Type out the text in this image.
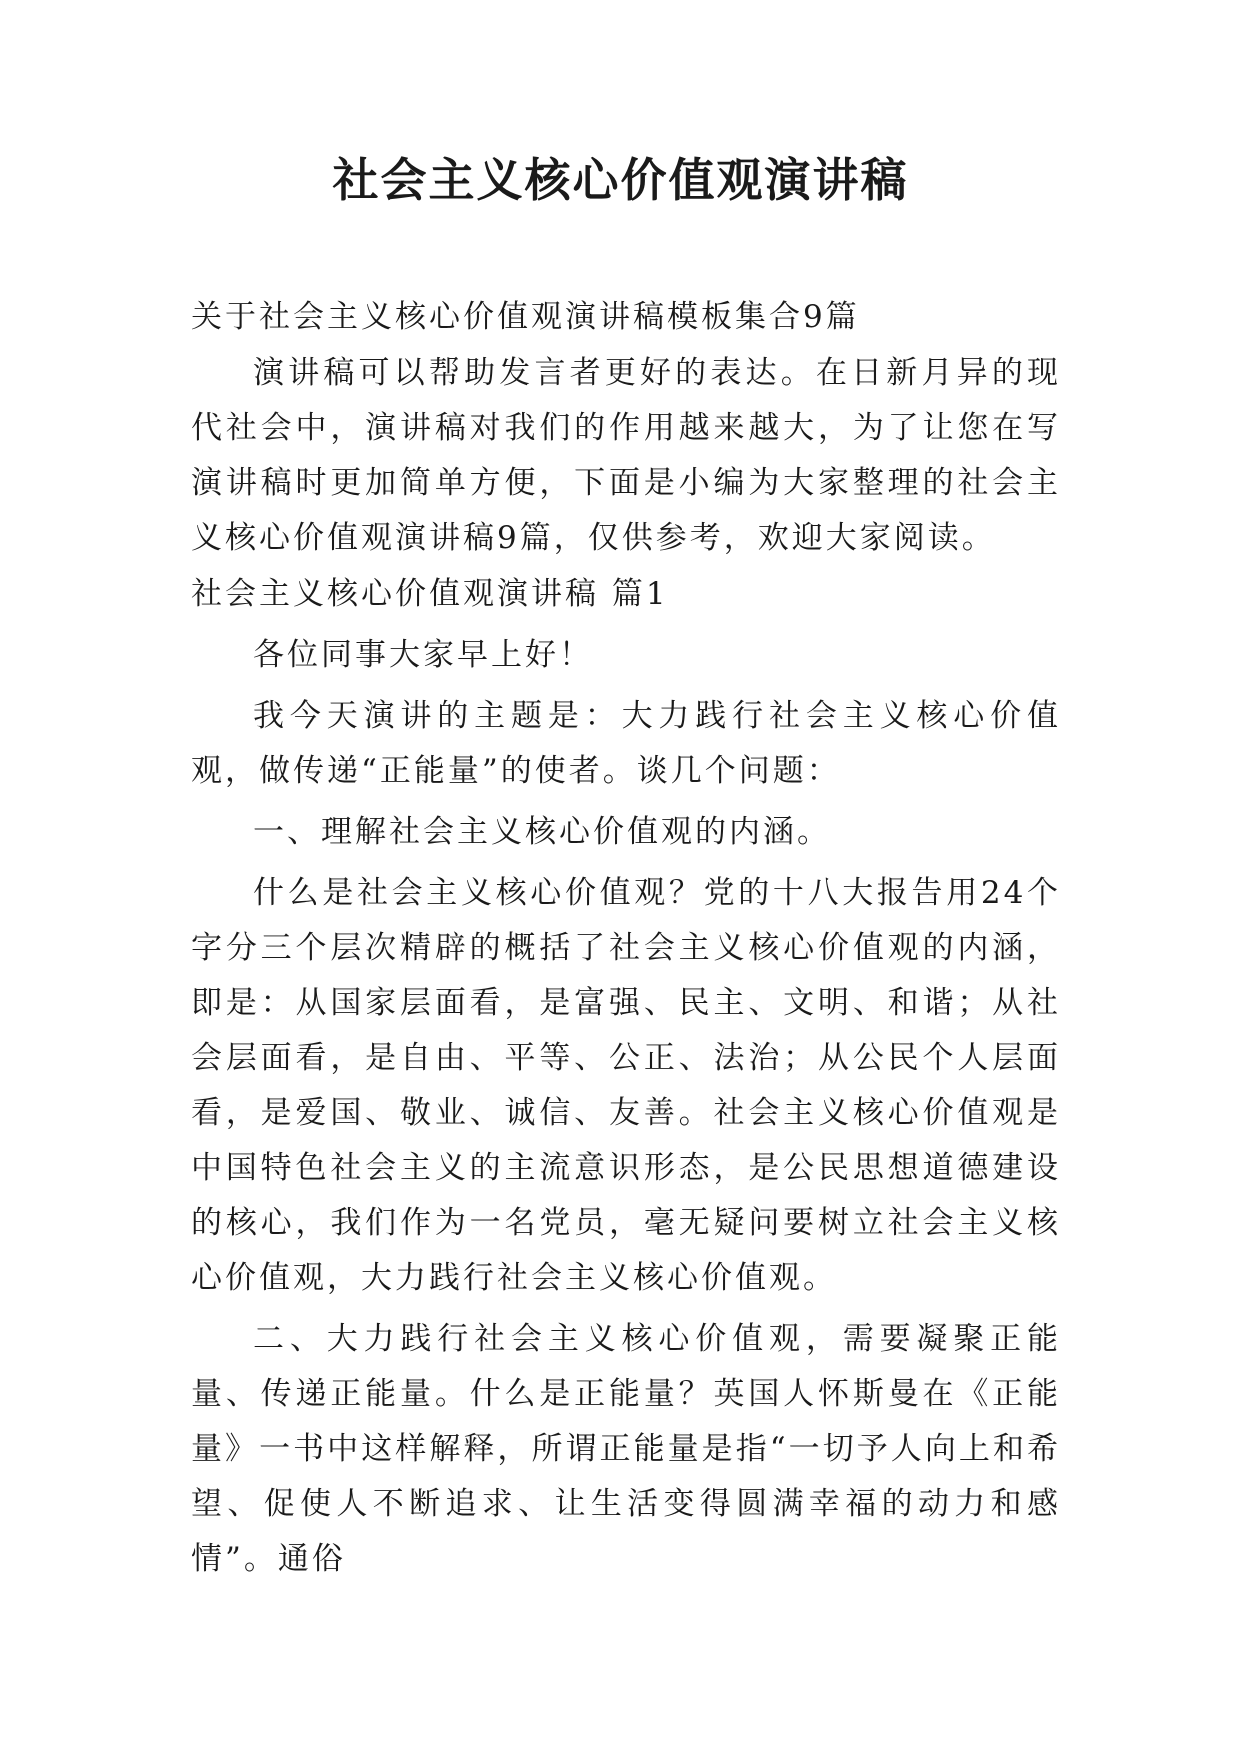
社会主义核心价值观演讲稿

关于社会主义核心价值观演讲稿模板集合9篇

演讲稿可以帮助发言者更好的表达。在日新月异的现代社会中，演讲稿对我们的作用越来越大，为了让您在写演讲稿时更加简单方便，下面是小编为大家整理的社会主义核心价值观演讲稿9篇，仅供参考，欢迎大家阅读。

社会主义核心价值观演讲稿 篇1

各位同事大家早上好！

我今天演讲的主题是：大力践行社会主义核心价值观，做传递“正能量”的使者。谈几个问题：

一、理解社会主义核心价值观的内涵。

什么是社会主义核心价值观？党的十八大报告用24个字分三个层次精辟的概括了社会主义核心价值观的内涵，即是：从国家层面看，是富强、民主、文明、和谐；从社会层面看，是自由、平等、公正、法治；从公民个人层面看，是爱国、敬业、诚信、友善。社会主义核心价值观是中国特色社会主义的主流意识形态，是公民思想道德建设的核心，我们作为一名党员，毫无疑问要树立社会主义核心价值观，大力践行社会主义核心价值观。

二、大力践行社会主义核心价值观，需要凝聚正能量、传递正能量。什么是正能量？英国人怀斯曼在《正能量》一书中这样解释，所谓正能量是指“一切予人向上和希望、促使人不断追求、让生活变得圆满幸福的动力和感情”。通俗
